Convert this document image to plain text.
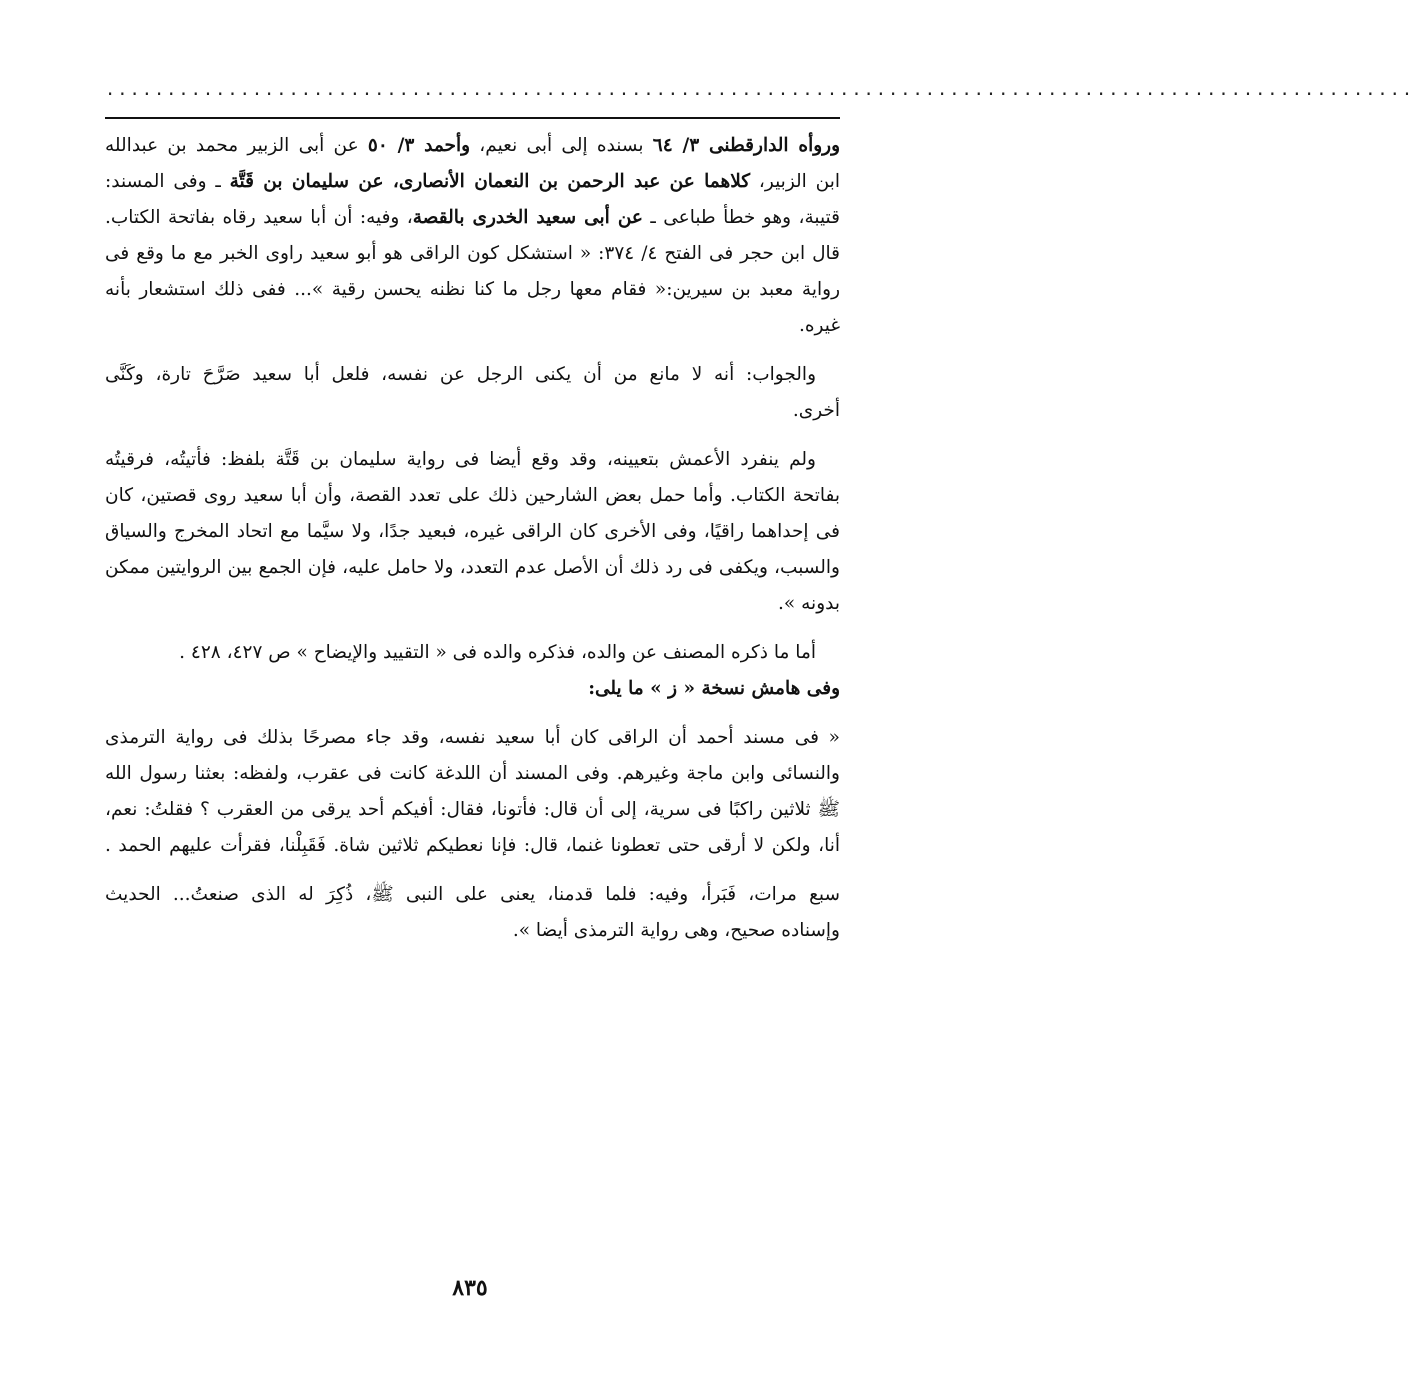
...........................................................................................................
وروأه الدارقطنى ٣/ ٦٤ بسنده إلى أبى نعيم، وأحمد ٣/ ٥٠ عن أبى الزبير محمد بن عبدالله
ابن الزبير، كلاهما عن عبد الرحمن بن النعمان الأنصارى، عن سليمان بن قَتَّة ـ وفى المسند:
قتيبة، وهو خطأ طباعى ـ عن أبى سعيد الخدرى بالقصة، وفيه: أن أبا سعيد رقاه بفاتحة الكتاب.
قال ابن حجر فى الفتح ٤/ ٣٧٤: « استشكل كون الراقى هو أبو سعيد راوى الخبر مع ما وقع فى
رواية معبد بن سيرين:« فقام معها رجل ما كنا نظنه يحسن رقية »... ففى ذلك استشعار بأنه
غيره.
والجواب: أنه لا مانع من أن يكنى الرجل عن نفسه، فلعل أبا سعيد صَرَّحَ تارة، وكَنَّى
أخرى.
ولم ينفرد الأعمش بتعيينه، وقد وقع أيضا فى رواية سليمان بن قَتَّة بلفظ: فأتيتُه، فرقيتُه
بفاتحة الكتاب. وأما حمل بعض الشارحين ذلك على تعدد القصة، وأن أبا سعيد روى قصتين، كان
فى إحداهما راقيًا، وفى الأخرى كان الراقى غيره، فبعيد جدًا، ولا سيَّما مع اتحاد المخرج والسياق
والسبب، ويكفى فى رد ذلك أن الأصل عدم التعدد، ولا حامل عليه، فإن الجمع بين الروايتين ممكن
بدونه ».
أما ما ذكره المصنف عن والده، فذكره والده فى « التقييد والإيضاح » ص ٤٢٧، ٤٢٨ .
وفى هامش نسخة « ز » ما يلى:
« فى مسند أحمد أن الراقى كان أبا سعيد نفسه، وقد جاء مصرحًا بذلك فى رواية الترمذى
والنسائى وابن ماجة وغيرهم. وفى المسند أن اللدغة كانت فى عقرب، ولفظه: بعثنا رسول الله
ﷺ ثلاثين راكبًا فى سرية، إلى أن قال: فأتونا، فقال: أفيكم أحد يرقى من العقرب ؟ فقلتُ: نعم،
أنا، ولكن لا أرقى حتى تعطونا غنما، قال: فإنا نعطيكم ثلاثين شاة. فَقَبِلْنا، فقرأت عليهم الحمد .
سبع مرات، فَبَرأ، وفيه: فلما قدمنا، يعنى على النبى ﷺ، ذُكِرَ له الذى صنعتُ... الحديث
وإسناده صحيح، وهى رواية الترمذى أيضا ».
٨٣٥
